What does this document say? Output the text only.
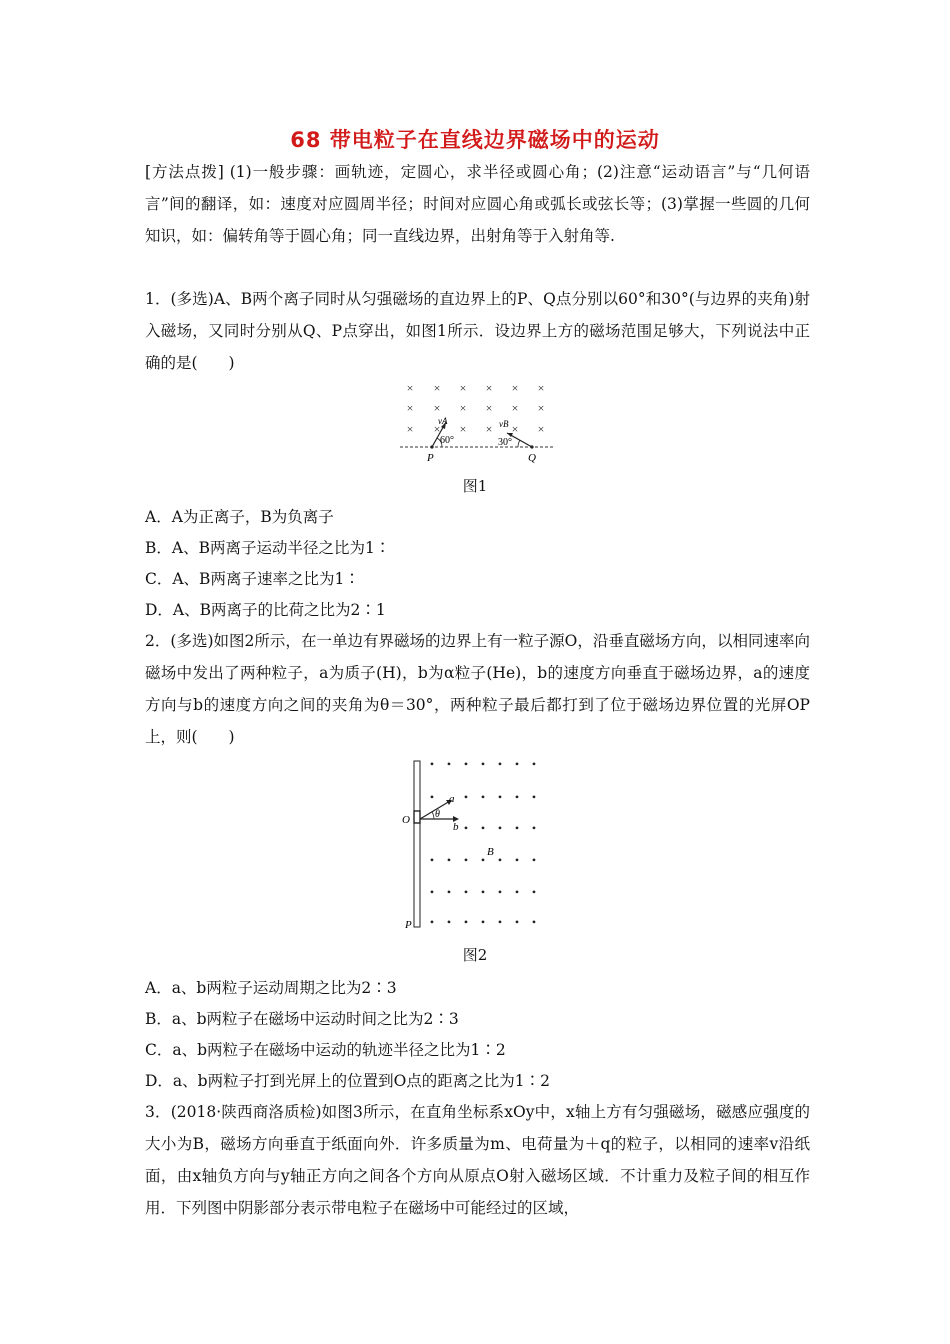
68 带电粒子在直线边界磁场中的运动
[方法点拨] (1)一般步骤：画轨迹，定圆心，求半径或圆心角；(2)注意“运动语言”与“几何语言”间的翻译，如：速度对应圆周半径；时间对应圆心角或弧长或弦长等；(3)掌握一些圆的几何知识，如：偏转角等于圆心角；同一直线边界，出射角等于入射角等.
1．(多选)A、B两个离子同时从匀强磁场的直边界上的P、Q点分别以60°和30°(与边界的夹角)射入磁场，又同时分别从Q、P点穿出，如图1所示．设边界上方的磁场范围足够大，下列说法中正确的是(　　)
× × × × × ×
× × × × × ×
× × × × × ×
vA	vB
60°	30°
P	Q
图1
A．A为正离子，B为负离子
B．A、B两离子运动半径之比为1∶
C．A、B两离子速率之比为1∶
D．A、B两离子的比荷之比为2∶1
2．(多选)如图2所示，在一单边有界磁场的边界上有一粒子源O，沿垂直磁场方向，以相同速率向磁场中发出了两种粒子，a为质子(H)，b为α粒子(He)，b的速度方向垂直于磁场边界，a的速度方向与b的速度方向之间的夹角为θ＝30°，两种粒子最后都打到了位于磁场边界位置的光屏OP上，则(　　)
• • • • • • •
• • • • • •
• • • • •
• • • • • • •
• • • • • • •
• • • • • • •
a
b
θ
B
O
P
图2
A．a、b两粒子运动周期之比为2∶3
B．a、b两粒子在磁场中运动时间之比为2∶3
C．a、b两粒子在磁场中运动的轨迹半径之比为1∶2
D．a、b两粒子打到光屏上的位置到O点的距离之比为1∶2
3．(2018·陕西商洛质检)如图3所示，在直角坐标系xOy中，x轴上方有匀强磁场，磁感应强度的大小为B，磁场方向垂直于纸面向外．许多质量为m、电荷量为＋q的粒子，以相同的速率v沿纸面，由x轴负方向与y轴正方向之间各个方向从原点O射入磁场区域．不计重力及粒子间的相互作用．下列图中阴影部分表示带电粒子在磁场中可能经过的区域，
